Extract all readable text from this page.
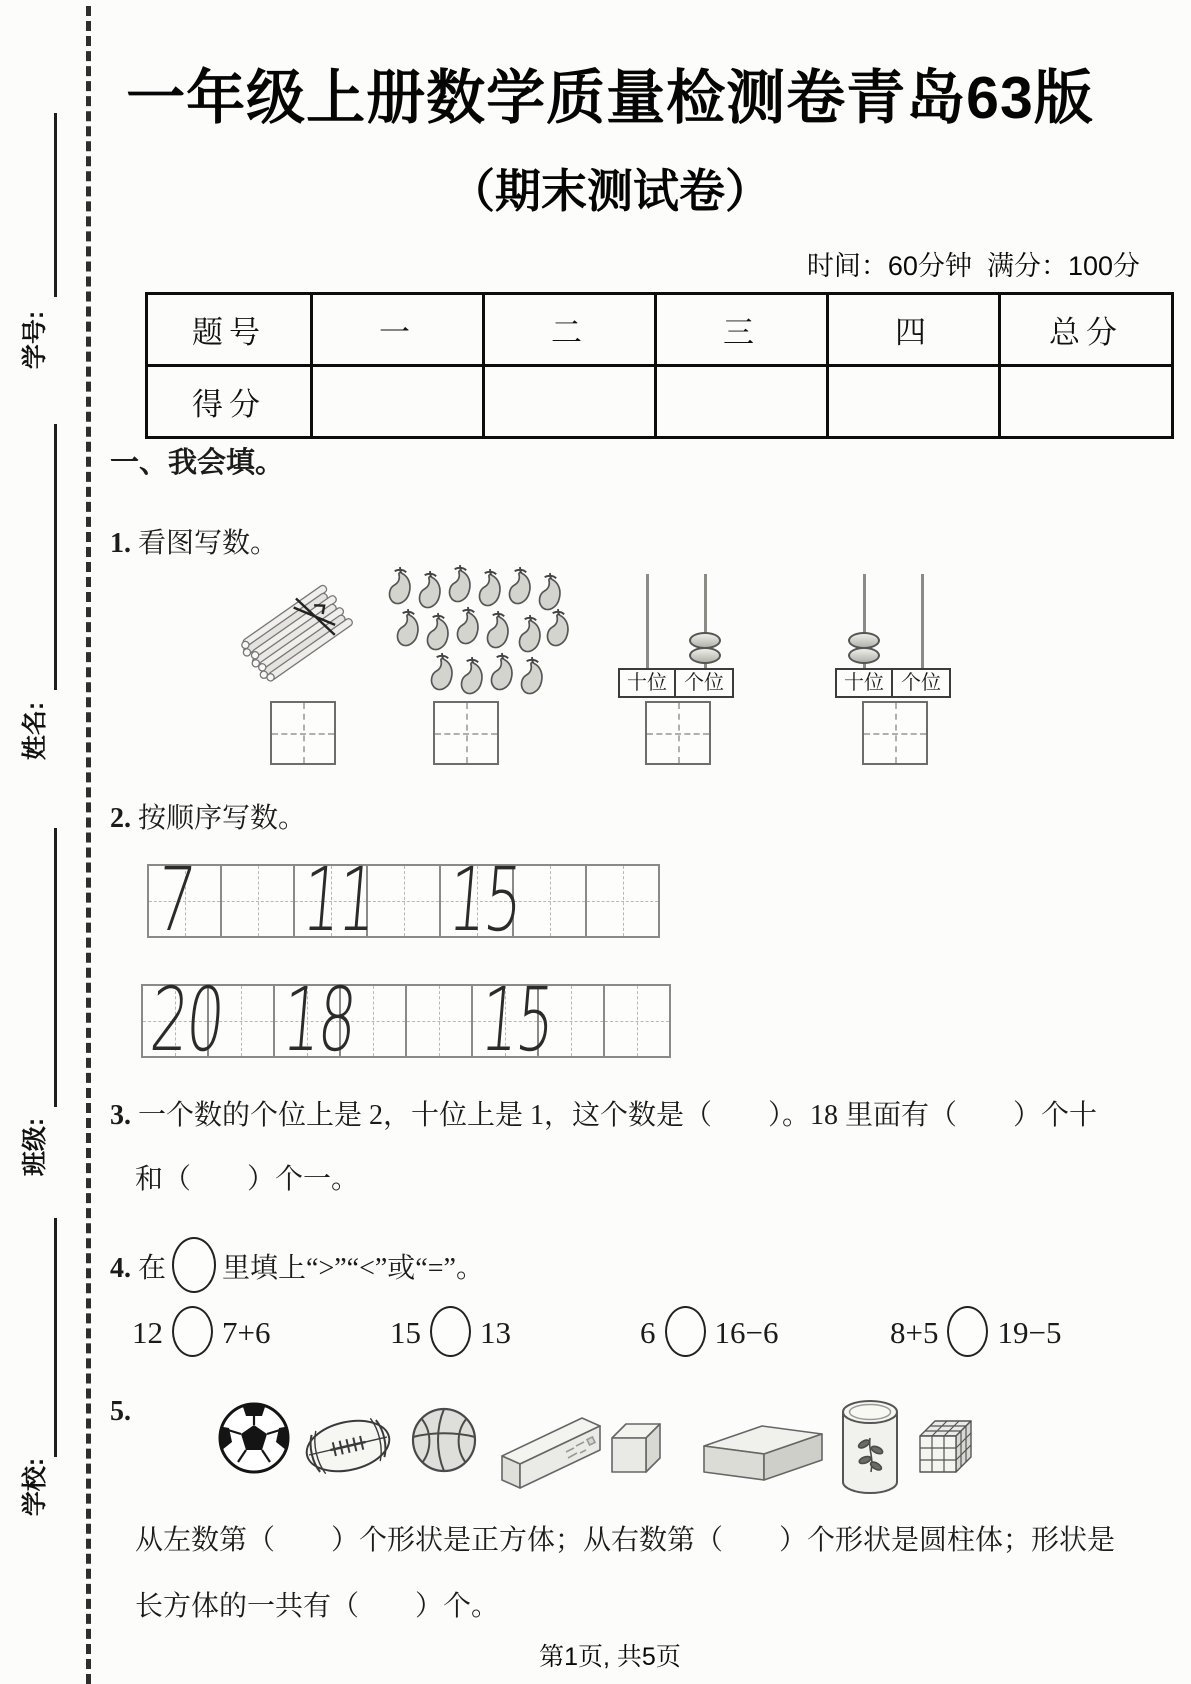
学号:
姓名:
班级:
学校:
一年级上册数学质量检测卷青岛63版
（期末测试卷）
时间：60分钟  满分：100分
题号	一	二	三	四	总分
得分					
一、我会填。
1. 看图写数。
十位 个位	十位 个位
2. 按顺序写数。
7 11 15
20 18 15
3. 一个数的个位上是 2，十位上是 1，这个数是（        ）。18 里面有（        ）个十
和（        ）个一。
4. 在 里填上“>”“<”或“=”。
12 7+6	15 13	6 16−6	8+5 19−5
5.
从左数第（        ）个形状是正方体；从右数第（        ）个形状是圆柱体；形状是
长方体的一共有（        ）个。
第1页, 共5页
